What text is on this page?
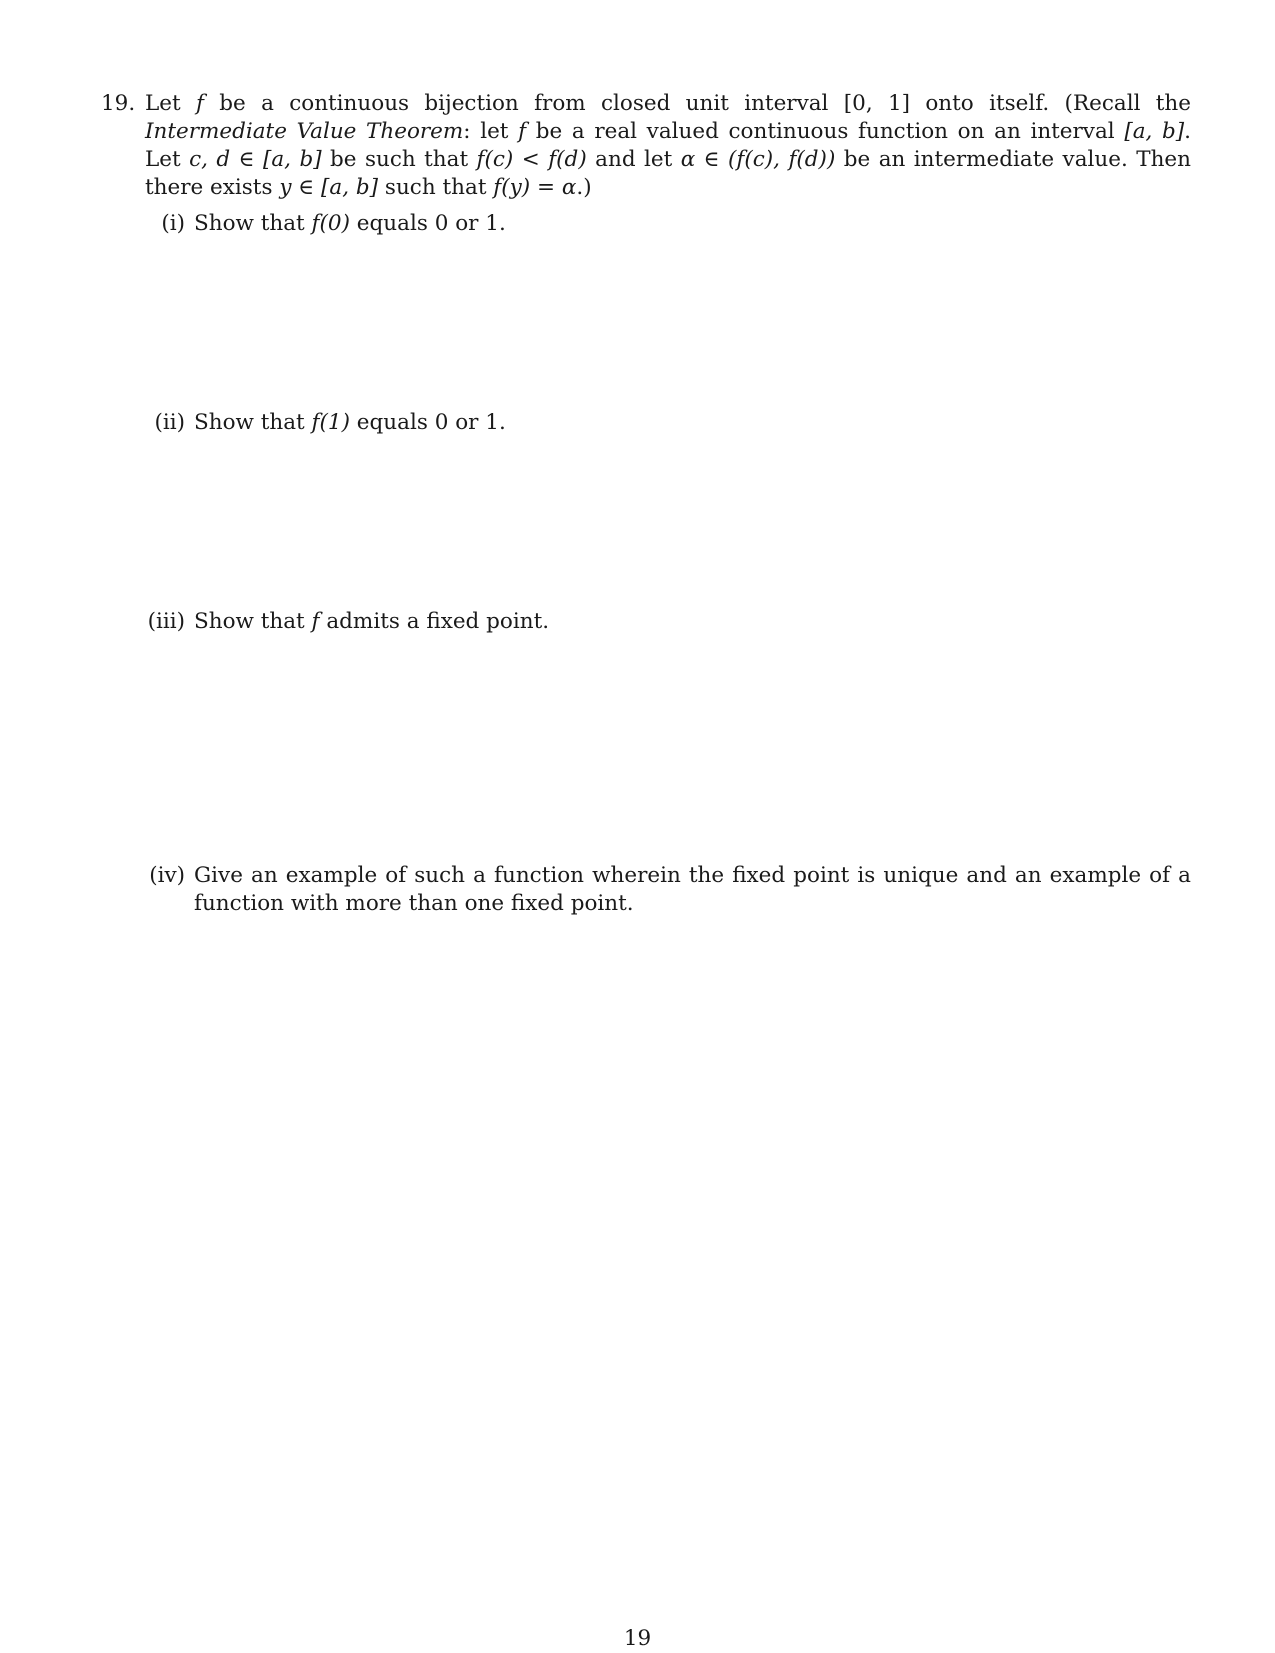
19. Let f be a continuous bijection from closed unit interval [0, 1] onto itself. (Recall the Intermediate Value Theorem: let f be a real valued continuous function on an interval [a, b]. Let c, d ∈ [a, b] be such that f(c) < f(d) and let α ∈ (f(c), f(d)) be an intermediate value. Then there exists y ∈ [a, b] such that f(y) = α.)
(i) Show that f(0) equals 0 or 1.
(ii) Show that f(1) equals 0 or 1.
(iii) Show that f admits a fixed point.
(iv) Give an example of such a function wherein the fixed point is unique and an example of a function with more than one fixed point.
19
